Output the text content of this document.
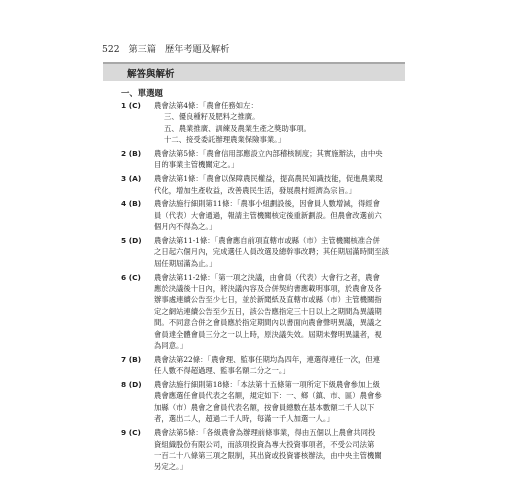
522 第三篇 歷年考題及解析
解答與解析
一、單選題
1 (C)	農會法第4條：「農會任務如左：
三、優良種籽及肥料之推廣。
五、農業推廣、訓練及農業生產之獎助事項。
十二、接受委託辦理農業保險事業。」
2 (B)	農會法第5條：「農會信用部應設立內部稽核制度；其實施辦法，由中央
目的事業主管機關定之。」
3 (A)	農會法第1條：「農會以保障農民權益，提高農民知識技能，促進農業現
代化，增加生產收益，改善農民生活，發展農村經濟為宗旨。」
4 (B)	農會法施行細則第11條：「農事小組劃設後，因會員人數增減，得經會
員（代表）大會通過，報請主管機關核定後重新劃設。但農會改選前六
個月內不得為之。」
5 (D)	農會法第11-1條：「農會應自前項直轄市或縣（市）主管機關核准合併
之日起六個月內，完成選任人員改選及總幹事改聘；其任期屆滿時間至該
屆任期屆滿為止。」
6 (C)	農會法第11-2條：「第一項之決議，由會員（代表）大會行之者，農會
應於決議後十日內，將決議內容及合併契約書應載明事項，於農會及各
辦事處連續公告至少七日，並於新聞紙及直轄市或縣（市）主管機關指
定之網站連續公告至少五日，該公告應指定三十日以上之期間為異議期
間。不同意合併之會員應於指定期間內以書面向農會聲明異議，異議之
會員達全體會員三分之一以上時，原決議失效。屆期未聲明異議者，視
為同意。」
7 (B)	農會法第22條：「農會理、監事任期均為四年，連選得連任一次，但連
任人數不得超過理、監事名額二分之一。」
8 (D)	農會法施行細則第18條：「本法第十五條第一項所定下級農會參加上級
農會應選任會員代表之名額，規定如下：一、鄉（鎮、市、區）農會參
加縣（市）農會之會員代表名額，按會員總數在基本數額二千人以下
者，選出二人，超過二千人時，每滿一千人加選一人。」
9 (C)	農會法第5條：「各級農會為辦理前條事業，得由五個以上農會共同投
資組織股份有限公司，而該項投資為專大投資事項者，不受公司法第
一百二十八條第三項之限制，其出資或投資審核辦法，由中央主管機關
另定之。」
